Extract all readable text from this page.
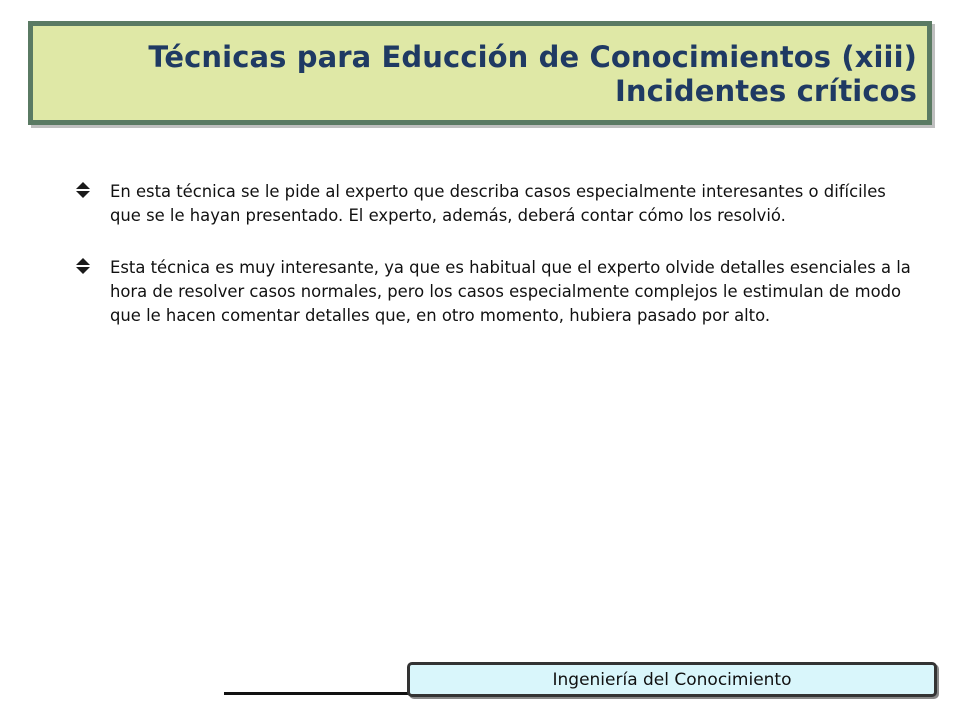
Técnicas para Educción de Conocimientos (xiii)
Incidentes críticos

En esta técnica se le pide al experto que describa casos especialmente interesantes o difíciles que se le hayan presentado. El experto, además, deberá contar cómo los resolvió.

Esta técnica es muy interesante, ya que es habitual que el experto olvide detalles esenciales a la hora de resolver casos normales, pero los casos especialmente complejos le estimulan de modo que le hacen comentar detalles que, en otro momento, hubiera pasado por alto.

Ingeniería del Conocimiento
